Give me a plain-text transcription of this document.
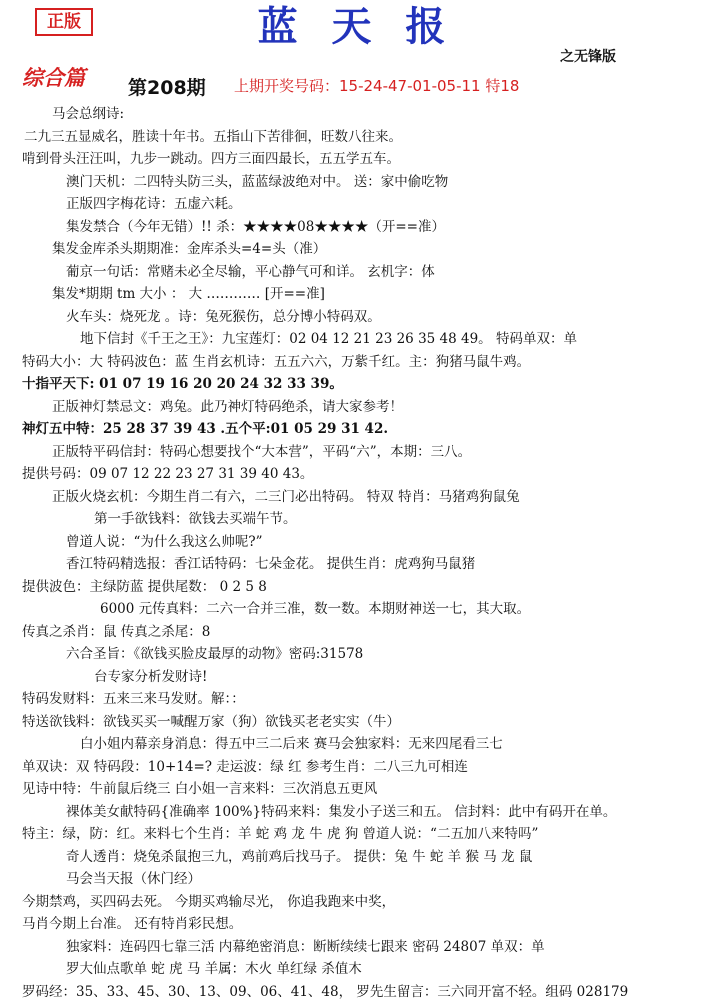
正版	蓝 天 报
之无锋版
综合篇 第208期 上期开奖号码：15-24-47-01-05-11 特18
马会总纲诗:
二九三五显威名，胜读十年书。五指山下苦徘徊，旺数八往来。
啃到骨头汪汪叫，九步一跳动。四方三面四最长，五五学五车。
澳门天机：二四特头防三头，蓝蓝绿波绝对中。 送：家中偷吃物
正版四字梅花诗：五虚六耗。
集发禁合（今年无错）!! 杀：★★★★08★★★★（开==准）
集发金库杀头期期准：金库杀头=4=头（准）
葡京一句话：常赌未必全尽输，平心静气可和详。 玄机字：体
集发*期期 tm 大小 ： 大 ………… [开==准]
火车头：烧死龙 。诗：兔死猴伤，总分博小特码双。
地下信封《千王之王》：九宝莲灯：02 04 12 21 23 26 35 48 49。 特码单双：单
特码大小：大 特码波色：蓝 生肖玄机诗：五五六六，万紫千红。主：狗猪马鼠牛鸡。
十指平天下: 01 07 19 16 20 20 24 32 33 39。
正版神灯禁忌文：鸡兔。此乃神灯特码绝杀，请大家参考！
神灯五中特：25 28 37 39 43 .五个平:01 05 29 31 42.
正版特平码信封：特码心想要找个“大本营”，平码“六”，本期：三八。
提供号码：09 07 12 22 23 27 31 39 40 43。
正版火烧玄机：今期生肖二有六，二三门必出特码。 特双 特肖：马猪鸡狗鼠兔
第一手欲钱料：欲钱去买端午节。
曾道人说：“为什么我这么帅呢?”
香江特码精选报：香江话特码：七朵金花。 提供生肖：虎鸡狗马鼠猪
提供波色：主绿防蓝 提供尾数： 0 2 5 8
6000 元传真料：二六一合并三准，数一数。本期财神送一七，其大取。
传真之杀肖：鼠 传真之杀尾：8
六合圣旨：《欲钱买脸皮最厚的动物》密码:31578
台专家分析发财诗!
特码发财料：五来三来马发财。解：：
特送欲钱料：欲钱买买一喊醒万家（狗）欲钱买老老实实（牛）
白小姐内幕亲身消息：得五中三二后来 赛马会独家料：无来四尾看三七
单双诀：双 特码段：10+14=? 走运波：绿 红 参考生肖：二八三九可相连
见诗中特：牛前鼠后绕三 白小姐一言来料：三次消息五更风
裸体美女献特码{准确率 100%}特码来料：集发小子送三和五。 信封料：此中有码开在单。
特主：绿，防：红。来料七个生肖：羊 蛇 鸡 龙 牛 虎 狗 曾道人说：“二五加八来特吗”
奇人透肖：烧兔杀鼠抱三九，鸡前鸡后找马子。 提供：兔 牛 蛇 羊 猴 马 龙 鼠
马会当天报（休门经）
今期禁鸡，买四码去死。 今期买鸡输尽光， 你追我跑来中奖，
马肖今期上台准。 还有特肖彩民想。
独家料：连码四七靠三活 内幕绝密消息：断断续续七跟来 密码 24807 单双：单
罗大仙点歌单 蛇 虎 马 羊属：木火 单红绿 杀值木
罗码经：35、33、45、30、13、09、06、41、48， 罗先生留言：三六同开富不轻。组码 028179
